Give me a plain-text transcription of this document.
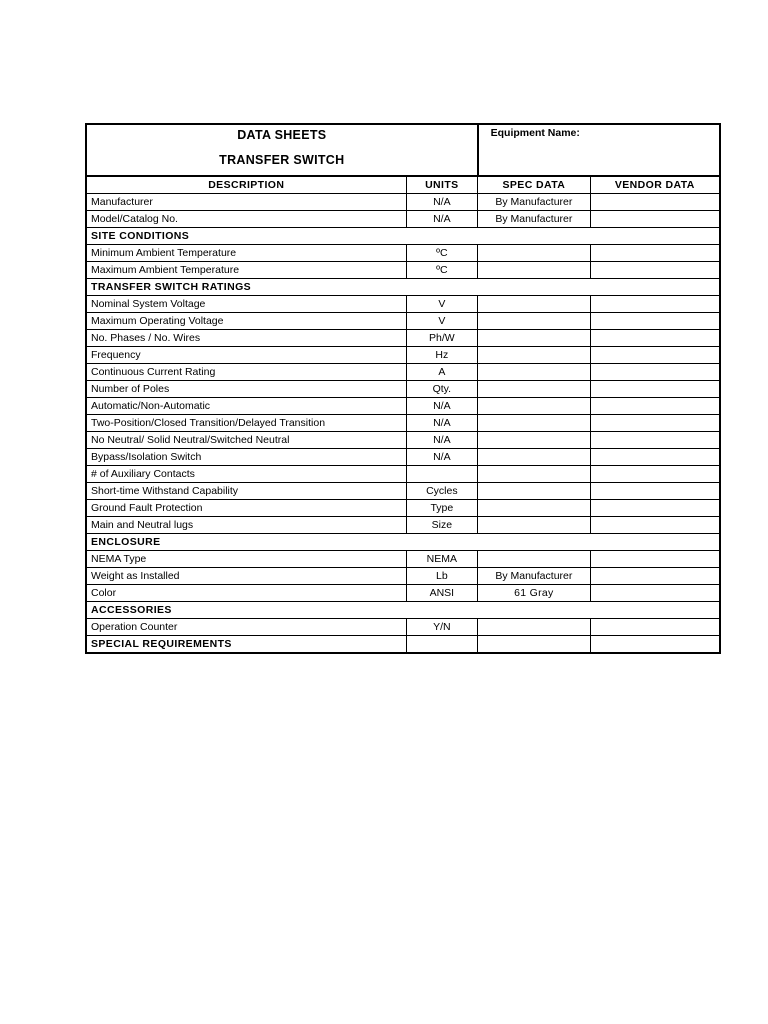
DATA SHEETS
TRANSFER SWITCH		Equipment Name:	

DESCRIPTION	UNITS	SPEC DATA	VENDOR DATA
Manufacturer	N/A	By Manufacturer	
Model/Catalog No.	N/A	By Manufacturer	
SITE CONDITIONS			
Minimum Ambient Temperature	ºC		
Maximum Ambient Temperature	ºC		
TRANSFER SWITCH RATINGS			
Nominal System Voltage	V		
Maximum Operating Voltage	V		
No. Phases / No. Wires	Ph/W		
Frequency	Hz		
Continuous Current Rating	A		
Number of Poles	Qty.		
Automatic/Non-Automatic	N/A		
Two-Position/Closed Transition/Delayed Transition	N/A		
No Neutral/ Solid Neutral/Switched Neutral	N/A		
Bypass/Isolation Switch	N/A		
# of Auxiliary Contacts			
Short-time Withstand Capability	Cycles		
Ground Fault Protection	Type		
Main and Neutral lugs	Size		
ENCLOSURE			
NEMA Type	NEMA		
Weight as Installed	Lb	By Manufacturer	
Color	ANSI	61 Gray	
ACCESSORIES			
Operation Counter	Y/N		
SPECIAL REQUIREMENTS			
